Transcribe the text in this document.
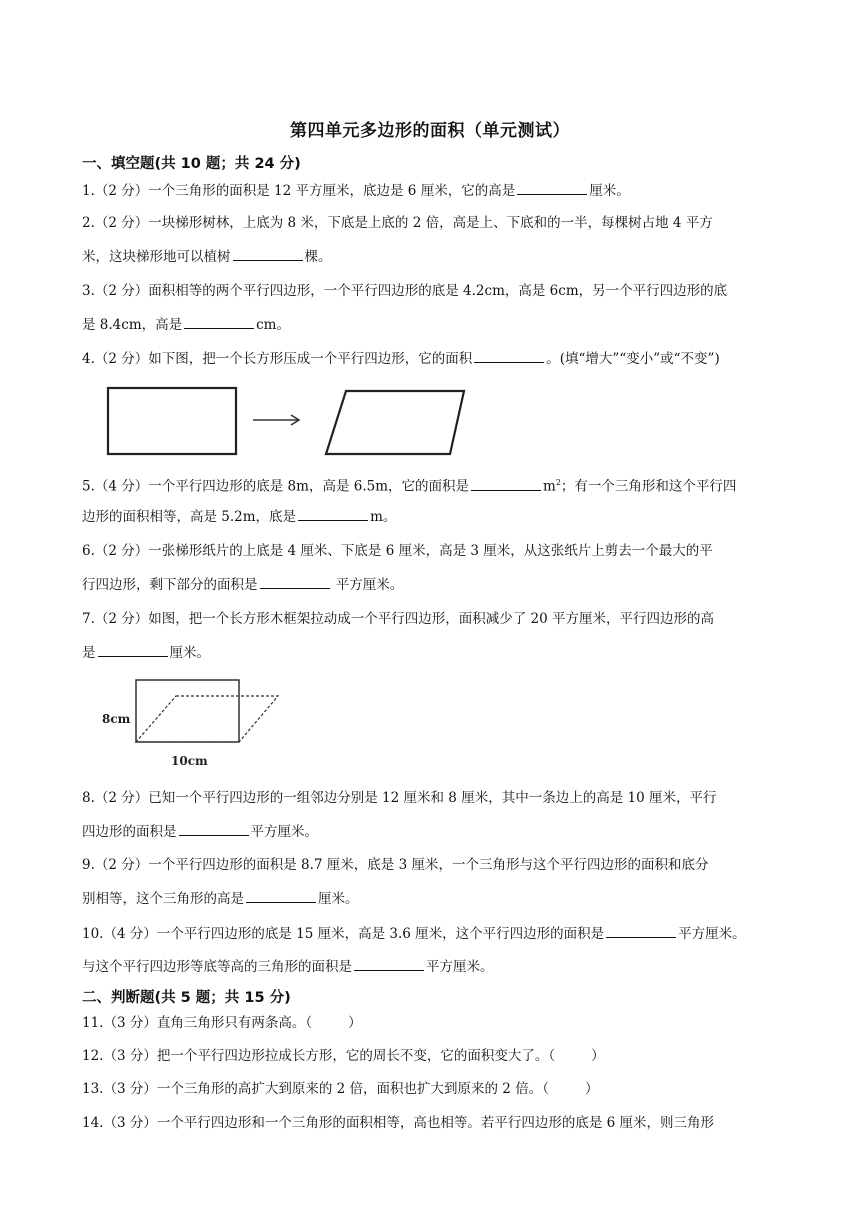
第四单元多边形的面积（单元测试）
一、填空题(共 10 题；共 24 分)
1.（2 分）一个三角形的面积是 12 平方厘米，底边是 6 厘米，它的高是	厘米。
2.（2 分）一块梯形树林，上底为 8 米，下底是上底的 2 倍，高是上、下底和的一半，每棵树占地 4 平方
米，这块梯形地可以植树	棵。
3.（2 分）面积相等的两个平行四边形，一个平行四边形的底是 4.2cm，高是 6cm，另一个平行四边形的底
是 8.4cm，高是	cm。
4.（2 分）如下图，把一个长方形压成一个平行四边形，它的面积	。(填“增大”“变小”或“不变”)
5.（4 分）一个平行四边形的底是 8m，高是 6.5m，它的面积是	$m^2$；有一个三角形和这个平行四
边形的面积相等，高是 5.2m，底是	m。
6.（2 分）一张梯形纸片的上底是 4 厘米、下底是 6 厘米，高是 3 厘米，从这张纸片上剪去一个最大的平
行四边形，剩下部分的面积是	平方厘米。
7.（2 分）如图，把一个长方形木框架拉动成一个平行四边形，面积减少了 20 平方厘米，平行四边形的高
是	厘米。
8cm
10cm
8.（2 分）已知一个平行四边形的一组邻边分别是 12 厘米和 8 厘米，其中一条边上的高是 10 厘米，平行
四边形的面积是	平方厘米。
9.（2 分）一个平行四边形的面积是 8.7 厘米，底是 3 厘米，一个三角形与这个平行四边形的面积和底分
别相等，这个三角形的高是	厘米。
10.（4 分）一个平行四边形的底是 15 厘米，高是 3.6 厘米，这个平行四边形的面积是	平方厘米。
与这个平行四边形等底等高的三角形的面积是	平方厘米。
二、判断题(共 5 题；共 15 分)
11.（3 分）直角三角形只有两条高。（	）
12.（3 分）把一个平行四边形拉成长方形，它的周长不变，它的面积变大了。（	）
13.（3 分）一个三角形的高扩大到原来的 2 倍，面积也扩大到原来的 2 倍。（	）
14.（3 分）一个平行四边形和一个三角形的面积相等，高也相等。若平行四边形的底是 6 厘米，则三角形
